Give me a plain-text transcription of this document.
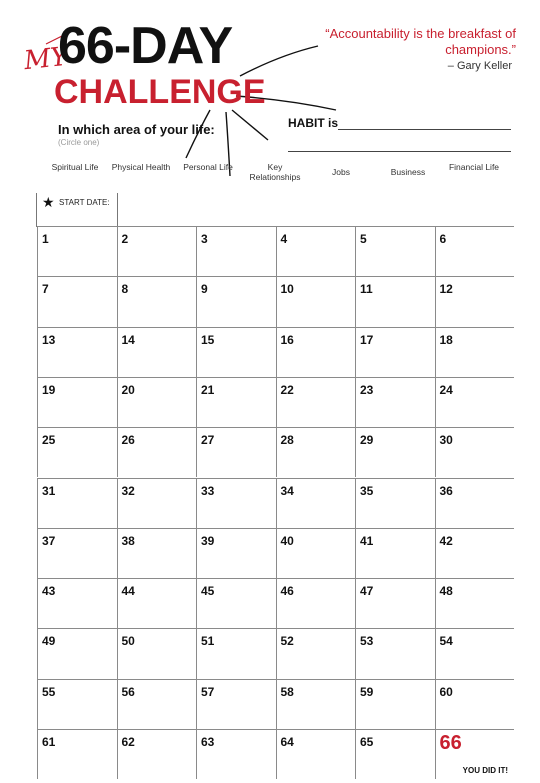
MY
66-DAY
CHALLENGE
“Accountability is the breakfast of champions.”
– Gary Keller
In which area of your life:
(Circle one)
HABIT is
Spiritual Life	Physical Health	Personal Life	Key Relationships	Jobs	Business	Financial Life
★ START DATE:
1	2	3	4	5	6
7	8	9	10	11	12
13	14	15	16	17	18
19	20	21	22	23	24
25	26	27	28	29	30
31	32	33	34	35	36
37	38	39	40	41	42
43	44	45	46	47	48
49	50	51	52	53	54
55	56	57	58	59	60
61	62	63	64	65	66
YOU DID IT!
